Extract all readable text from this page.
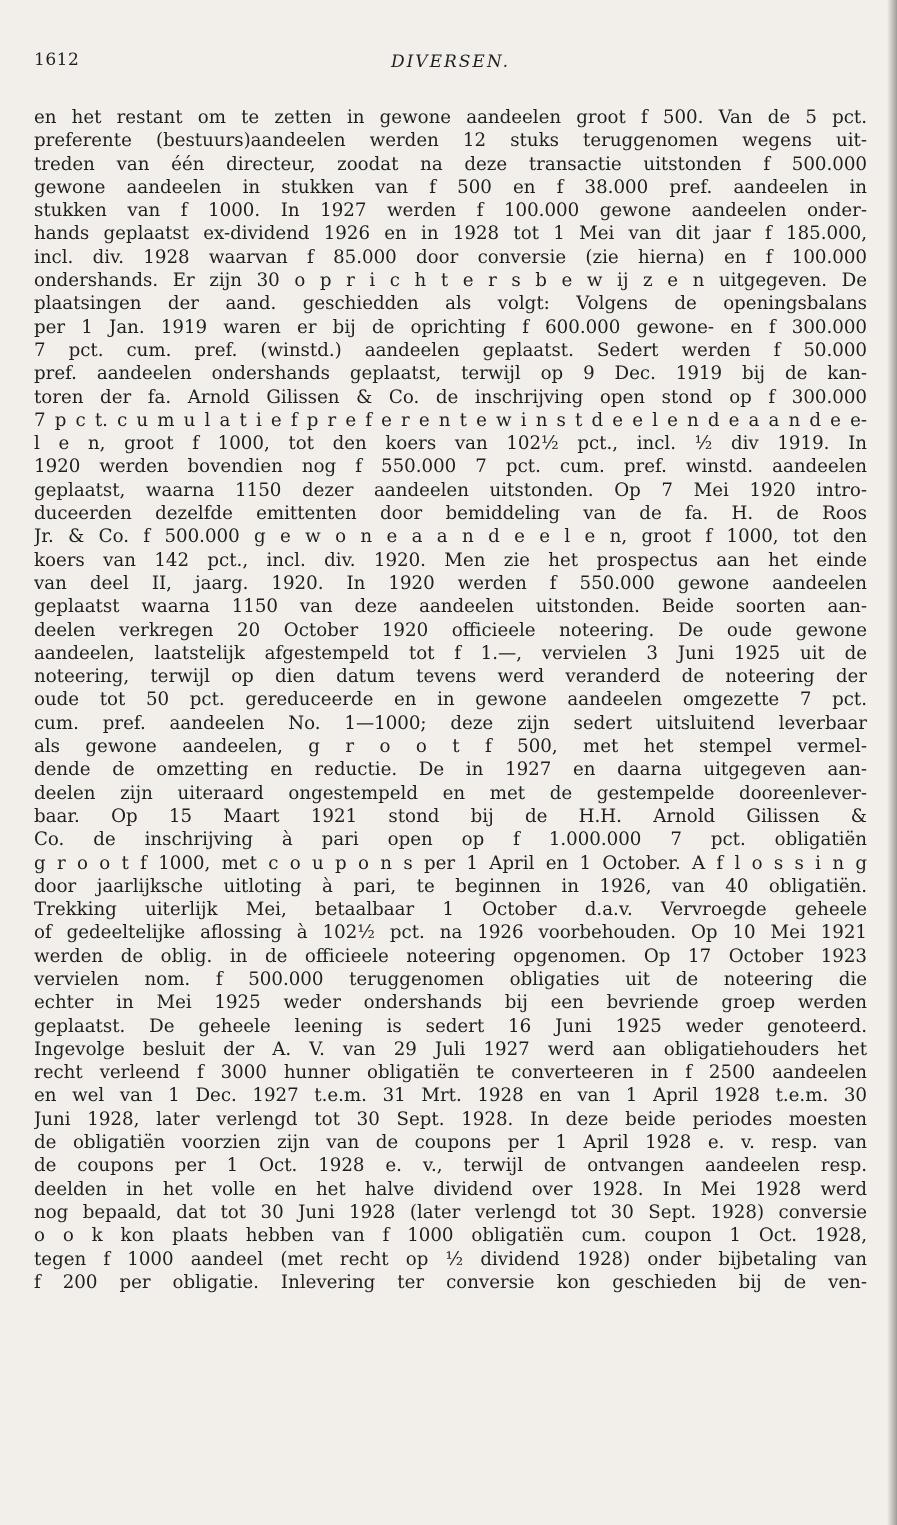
1612	DIVERSEN.
en het restant om te zetten in gewone aandeelen groot f 500. Van de 5 pct.
preferente (bestuurs)aandeelen werden 12 stuks teruggenomen wegens uit-
treden van één directeur, zoodat na deze transactie uitstonden f 500.000
gewone aandeelen in stukken van f 500 en f 38.000 pref. aandeelen in
stukken van f 1000. In 1927 werden f 100.000 gewone aandeelen onder-
hands geplaatst ex-dividend 1926 en in 1928 tot 1 Mei van dit jaar f 185.000,
incl. div. 1928 waarvan f 85.000 door conversie (zie hierna) en f 100.000
ondershands. Er zijn 30 o p r i c h t e r s b e w ij z e n uitgegeven. De
plaatsingen der aand. geschiedden als volgt: Volgens de openingsbalans
per 1 Jan. 1919 waren er bij de oprichting f 600.000 gewone- en f 300.000
7 pct. cum. pref. (winstd.) aandeelen geplaatst. Sedert werden f 50.000
pref. aandeelen ondershands geplaatst, terwijl op 9 Dec. 1919 bij de kan-
toren der fa. Arnold Gilissen & Co. de inschrijving open stond op f 300.000
7 p c t. c u m u l a t i e f p r e f e r e n t e w i n s t d e e l e n d e a a n d e e-
l e n, groot f 1000, tot den koers van 102½ pct., incl. ½ div 1919. In
1920 werden bovendien nog f 550.000 7 pct. cum. pref. winstd. aandeelen
geplaatst, waarna 1150 dezer aandeelen uitstonden. Op 7 Mei 1920 intro-
duceerden dezelfde emittenten door bemiddeling van de fa. H. de Roos
Jr. & Co. f 500.000 g e w o n e a a n d e e l e n, groot f 1000, tot den
koers van 142 pct., incl. div. 1920. Men zie het prospectus aan het einde
van deel II, jaarg. 1920. In 1920 werden f 550.000 gewone aandeelen
geplaatst waarna 1150 van deze aandeelen uitstonden. Beide soorten aan-
deelen verkregen 20 October 1920 officieele noteering. De oude gewone
aandeelen, laatstelijk afgestempeld tot f 1.—, vervielen 3 Juni 1925 uit de
noteering, terwijl op dien datum tevens werd veranderd de noteering der
oude tot 50 pct. gereduceerde en in gewone aandeelen omgezette 7 pct.
cum. pref. aandeelen No. 1—1000; deze zijn sedert uitsluitend leverbaar
als gewone aandeelen, g r o o t f 500, met het stempel vermel-
dende de omzetting en reductie. De in 1927 en daarna uitgegeven aan-
deelen zijn uiteraard ongestempeld en met de gestempelde dooreenlever-
baar. Op 15 Maart 1921 stond bij de H.H. Arnold Gilissen &
Co. de inschrijving à pari open op f 1.000.000 7 pct. obligatiën
g r o o t f 1000, met c o u p o n s per 1 April en 1 October. A f l o s s i n g
door jaarlijksche uitloting à pari, te beginnen in 1926, van 40 obligatiën.
Trekking uiterlijk Mei, betaalbaar 1 October d.a.v. Vervroegde geheele
of gedeeltelijke aflossing à 102½ pct. na 1926 voorbehouden. Op 10 Mei 1921
werden de oblig. in de officieele noteering opgenomen. Op 17 October 1923
vervielen nom. f 500.000 teruggenomen obligaties uit de noteering die
echter in Mei 1925 weder ondershands bij een bevriende groep werden
geplaatst. De geheele leening is sedert 16 Juni 1925 weder genoteerd.
Ingevolge besluit der A. V. van 29 Juli 1927 werd aan obligatiehouders het
recht verleend f 3000 hunner obligatiën te converteeren in f 2500 aandeelen
en wel van 1 Dec. 1927 t.e.m. 31 Mrt. 1928 en van 1 April 1928 t.e.m. 30
Juni 1928, later verlengd tot 30 Sept. 1928. In deze beide periodes moesten
de obligatiën voorzien zijn van de coupons per 1 April 1928 e. v. resp. van
de coupons per 1 Oct. 1928 e. v., terwijl de ontvangen aandeelen resp.
deelden in het volle en het halve dividend over 1928. In Mei 1928 werd
nog bepaald, dat tot 30 Juni 1928 (later verlengd tot 30 Sept. 1928) conversie
o o k kon plaats hebben van f 1000 obligatiën cum. coupon 1 Oct. 1928,
tegen f 1000 aandeel (met recht op ½ dividend 1928) onder bijbetaling van
f 200 per obligatie. Inlevering ter conversie kon geschieden bij de ven-
